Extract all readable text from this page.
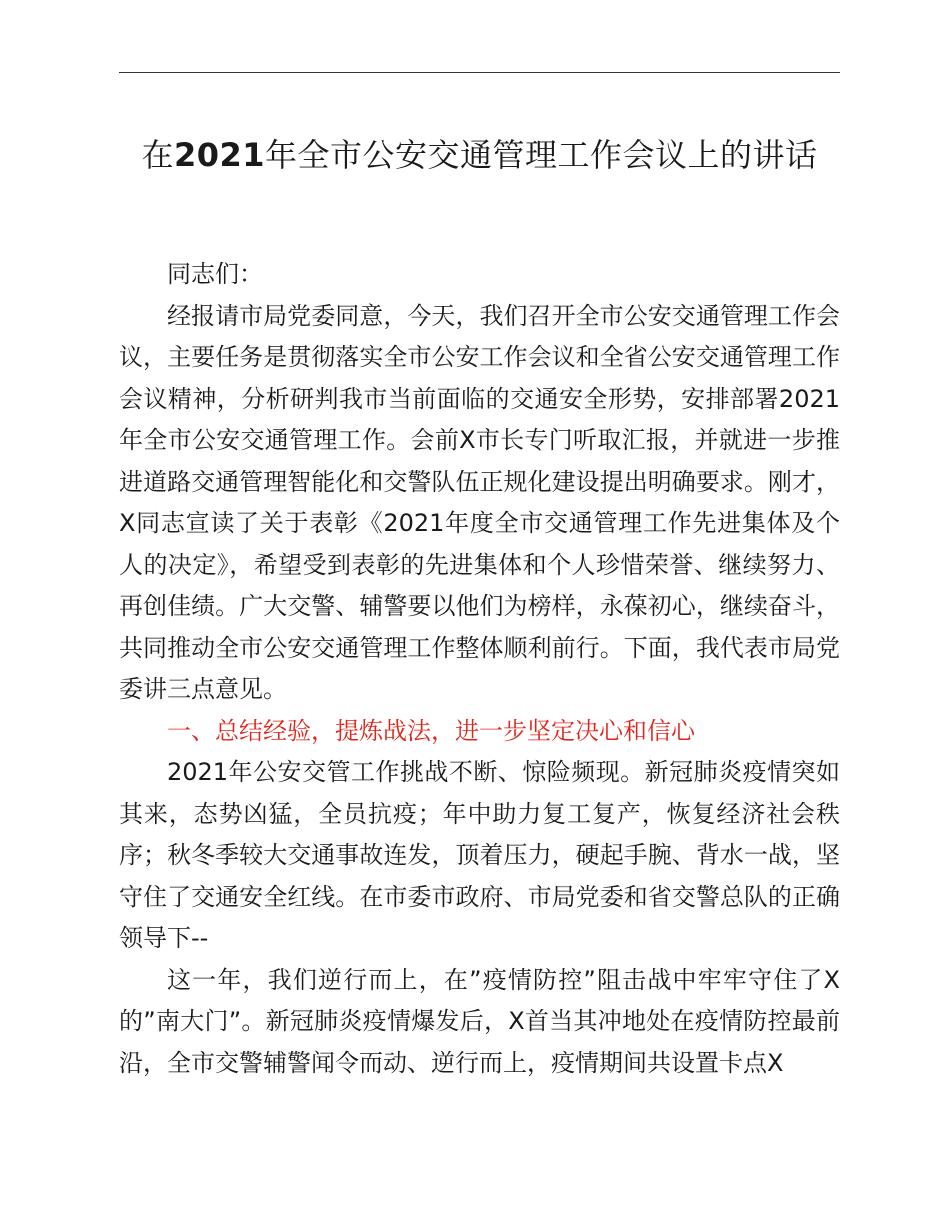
在2021年全市公安交通管理工作会议上的讲话

同志们：

经报请市局党委同意，今天，我们召开全市公安交通管理工作会议，主要任务是贯彻落实全市公安工作会议和全省公安交通管理工作会议精神，分析研判我市当前面临的交通安全形势，安排部署2021年全市公安交通管理工作。会前X市长专门听取汇报，并就进一步推进道路交通管理智能化和交警队伍正规化建设提出明确要求。刚才，X同志宣读了关于表彰《2021年度全市交通管理工作先进集体及个人的决定》，希望受到表彰的先进集体和个人珍惜荣誉、继续努力、再创佳绩。广大交警、辅警要以他们为榜样，永葆初心，继续奋斗，共同推动全市公安交通管理工作整体顺利前行。下面，我代表市局党委讲三点意见。

一、总结经验，提炼战法，进一步坚定决心和信心

2021年公安交管工作挑战不断、惊险频现。新冠肺炎疫情突如其来，态势凶猛，全员抗疫；年中助力复工复产，恢复经济社会秩序；秋冬季较大交通事故连发，顶着压力，硬起手腕、背水一战，坚守住了交通安全红线。在市委市政府、市局党委和省交警总队的正确领导下--

这一年，我们逆行而上，在”疫情防控”阻击战中牢牢守住了X的”南大门”。新冠肺炎疫情爆发后，X首当其冲地处在疫情防控最前沿，全市交警辅警闻令而动、逆行而上，疫情期间共设置卡点X
